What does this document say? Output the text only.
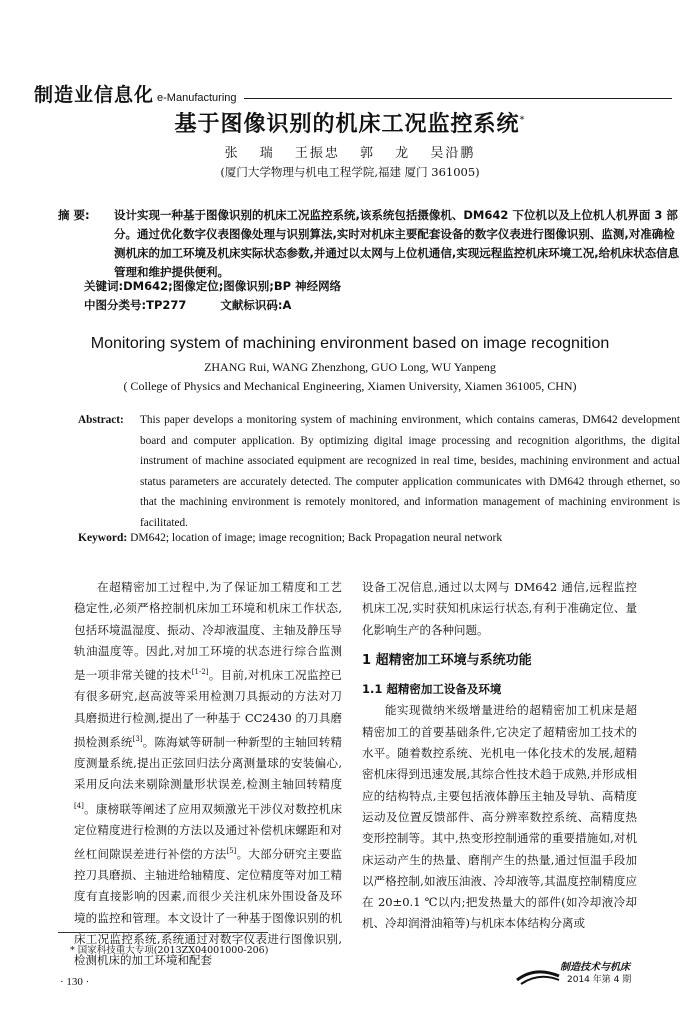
制造业信息化 e-Manufacturing
基于图像识别的机床工况监控系统*
张 瑞 王振忠 郭 龙 吴沿鹏
(厦门大学物理与机电工程学院,福建 厦门 361005)
摘 要:	设计实现一种基于图像识别的机床工况监控系统,该系统包括摄像机、DM642 下位机以及上位机人机界面 3 部分。通过优化数字仪表图像处理与识别算法,实时对机床主要配套设备的数字仪表进行图像识别、监测,对准确检测机床的加工环境及机床实际状态参数,并通过以太网与上位机通信,实现远程监控机床环境工况,给机床状态信息管理和维护提供便利。
关键词:DM642;图像定位;图像识别;BP 神经网络
中图分类号:TP277	文献标识码:A
Monitoring system of machining environment based on image recognition
ZHANG Rui, WANG Zhenzhong, GUO Long, WU Yanpeng
( College of Physics and Mechanical Engineering, Xiamen University, Xiamen 361005, CHN)
Abstract:	This paper develops a monitoring system of machining environment, which contains cameras, DM642 development board and computer application. By optimizing digital image processing and recognition algorithms, the digital instrument of machine associated equipment are recognized in real time, besides, machining environment and actual status parameters are accurately detected. The computer application communicates with DM642 through ethernet, so that the machining environment is remotely monitored, and information management of machining environment is facilitated.
Keyword: DM642; location of image; image recognition; Back Propagation neural network

在超精密加工过程中,为了保证加工精度和工艺稳定性,必须严格控制机床加工环境和机床工作状态,包括环境温湿度、振动、冷却液温度、主轴及静压导轨油温度等。因此,对加工环境的状态进行综合监测是一项非常关键的技术[1-2]。目前,对机床工况监控已有很多研究,赵高波等采用检测刀具振动的方法对刀具磨损进行检测,提出了一种基于 CC2430 的刀具磨损检测系统[3]。陈海斌等研制一种新型的主轴回转精度测量系统,提出正弦回归法分离测量球的安装偏心,采用反向法来剔除测量形状误差,检测主轴回转精度[4]。康榜联等阐述了应用双频激光干涉仪对数控机床定位精度进行检测的方法以及通过补偿机床螺距和对丝杠间隙误差进行补偿的方法[5]。大部分研究主要监控刀具磨损、主轴进给轴精度、定位精度等对加工精度有直接影响的因素,而很少关注机床外围设备及环境的监控和管理。本文设计了一种基于图像识别的机床工况监控系统,系统通过对数字仪表进行图像识别,检测机床的加工环境和配套

设备工况信息,通过以太网与 DM642 通信,远程监控机床工况,实时获知机床运行状态,有利于准确定位、量化影响生产的各种问题。

1 超精密加工环境与系统功能
1.1 超精密加工设备及环境

能实现微纳米级增量进给的超精密加工机床是超精密加工的首要基础条件,它决定了超精密加工技术的水平。随着数控系统、光机电一体化技术的发展,超精密机床得到迅速发展,其综合性技术趋于成熟,并形成相应的结构特点,主要包括液体静压主轴及导轨、高精度运动及位置反馈部件、高分辨率数控系统、高精度热变形控制等。其中,热变形控制通常的重要措施如,对机床运动产生的热量、磨削产生的热量,通过恒温手段加以严格控制,如液压油液、冷却液等,其温度控制精度应在 20±0.1 ℃以内;把发热量大的部件(如冷却液冷却机、冷却润滑油箱等)与机床本体结构分离或

* 国家科技重大专项(2013ZX04001000-206)
· 130 ·
制造技术与机床
2014 年第 4 期
